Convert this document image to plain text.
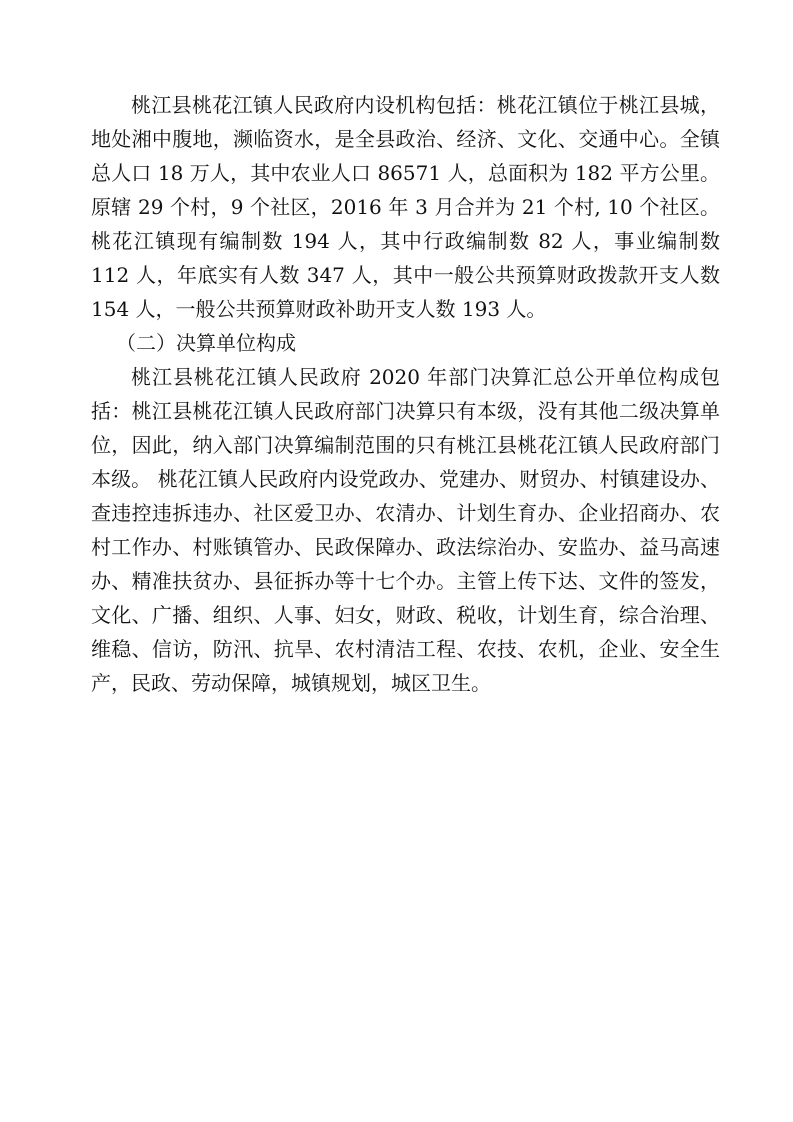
桃江县桃花江镇人民政府内设机构包括：桃花江镇位于桃江县城，地处湘中腹地，濒临资水，是全县政治、经济、文化、交通中心。全镇总人口 18 万人，其中农业人口 86571 人，总面积为 182 平方公里。原辖 29 个村，9 个社区，2016 年 3 月合并为 21 个村, 10 个社区。桃花江镇现有编制数 194 人，其中行政编制数 82 人，事业编制数 112 人，年底实有人数 347 人，其中一般公共预算财政拨款开支人数 154 人，一般公共预算财政补助开支人数 193 人。

（二）决算单位构成

桃江县桃花江镇人民政府 2020 年部门决算汇总公开单位构成包括：桃江县桃花江镇人民政府部门决算只有本级，没有其他二级决算单位，因此，纳入部门决算编制范围的只有桃江县桃花江镇人民政府部门本级。 桃花江镇人民政府内设党政办、党建办、财贸办、村镇建设办、查违控违拆违办、社区爱卫办、农清办、计划生育办、企业招商办、农村工作办、村账镇管办、民政保障办、政法综治办、安监办、益马高速办、精准扶贫办、县征拆办等十七个办。主管上传下达、文件的签发，文化、广播、组织、人事、妇女，财政、税收，计划生育，综合治理、维稳、信访，防汛、抗旱、农村清洁工程、农技、农机，企业、安全生产，民政、劳动保障，城镇规划，城区卫生。
